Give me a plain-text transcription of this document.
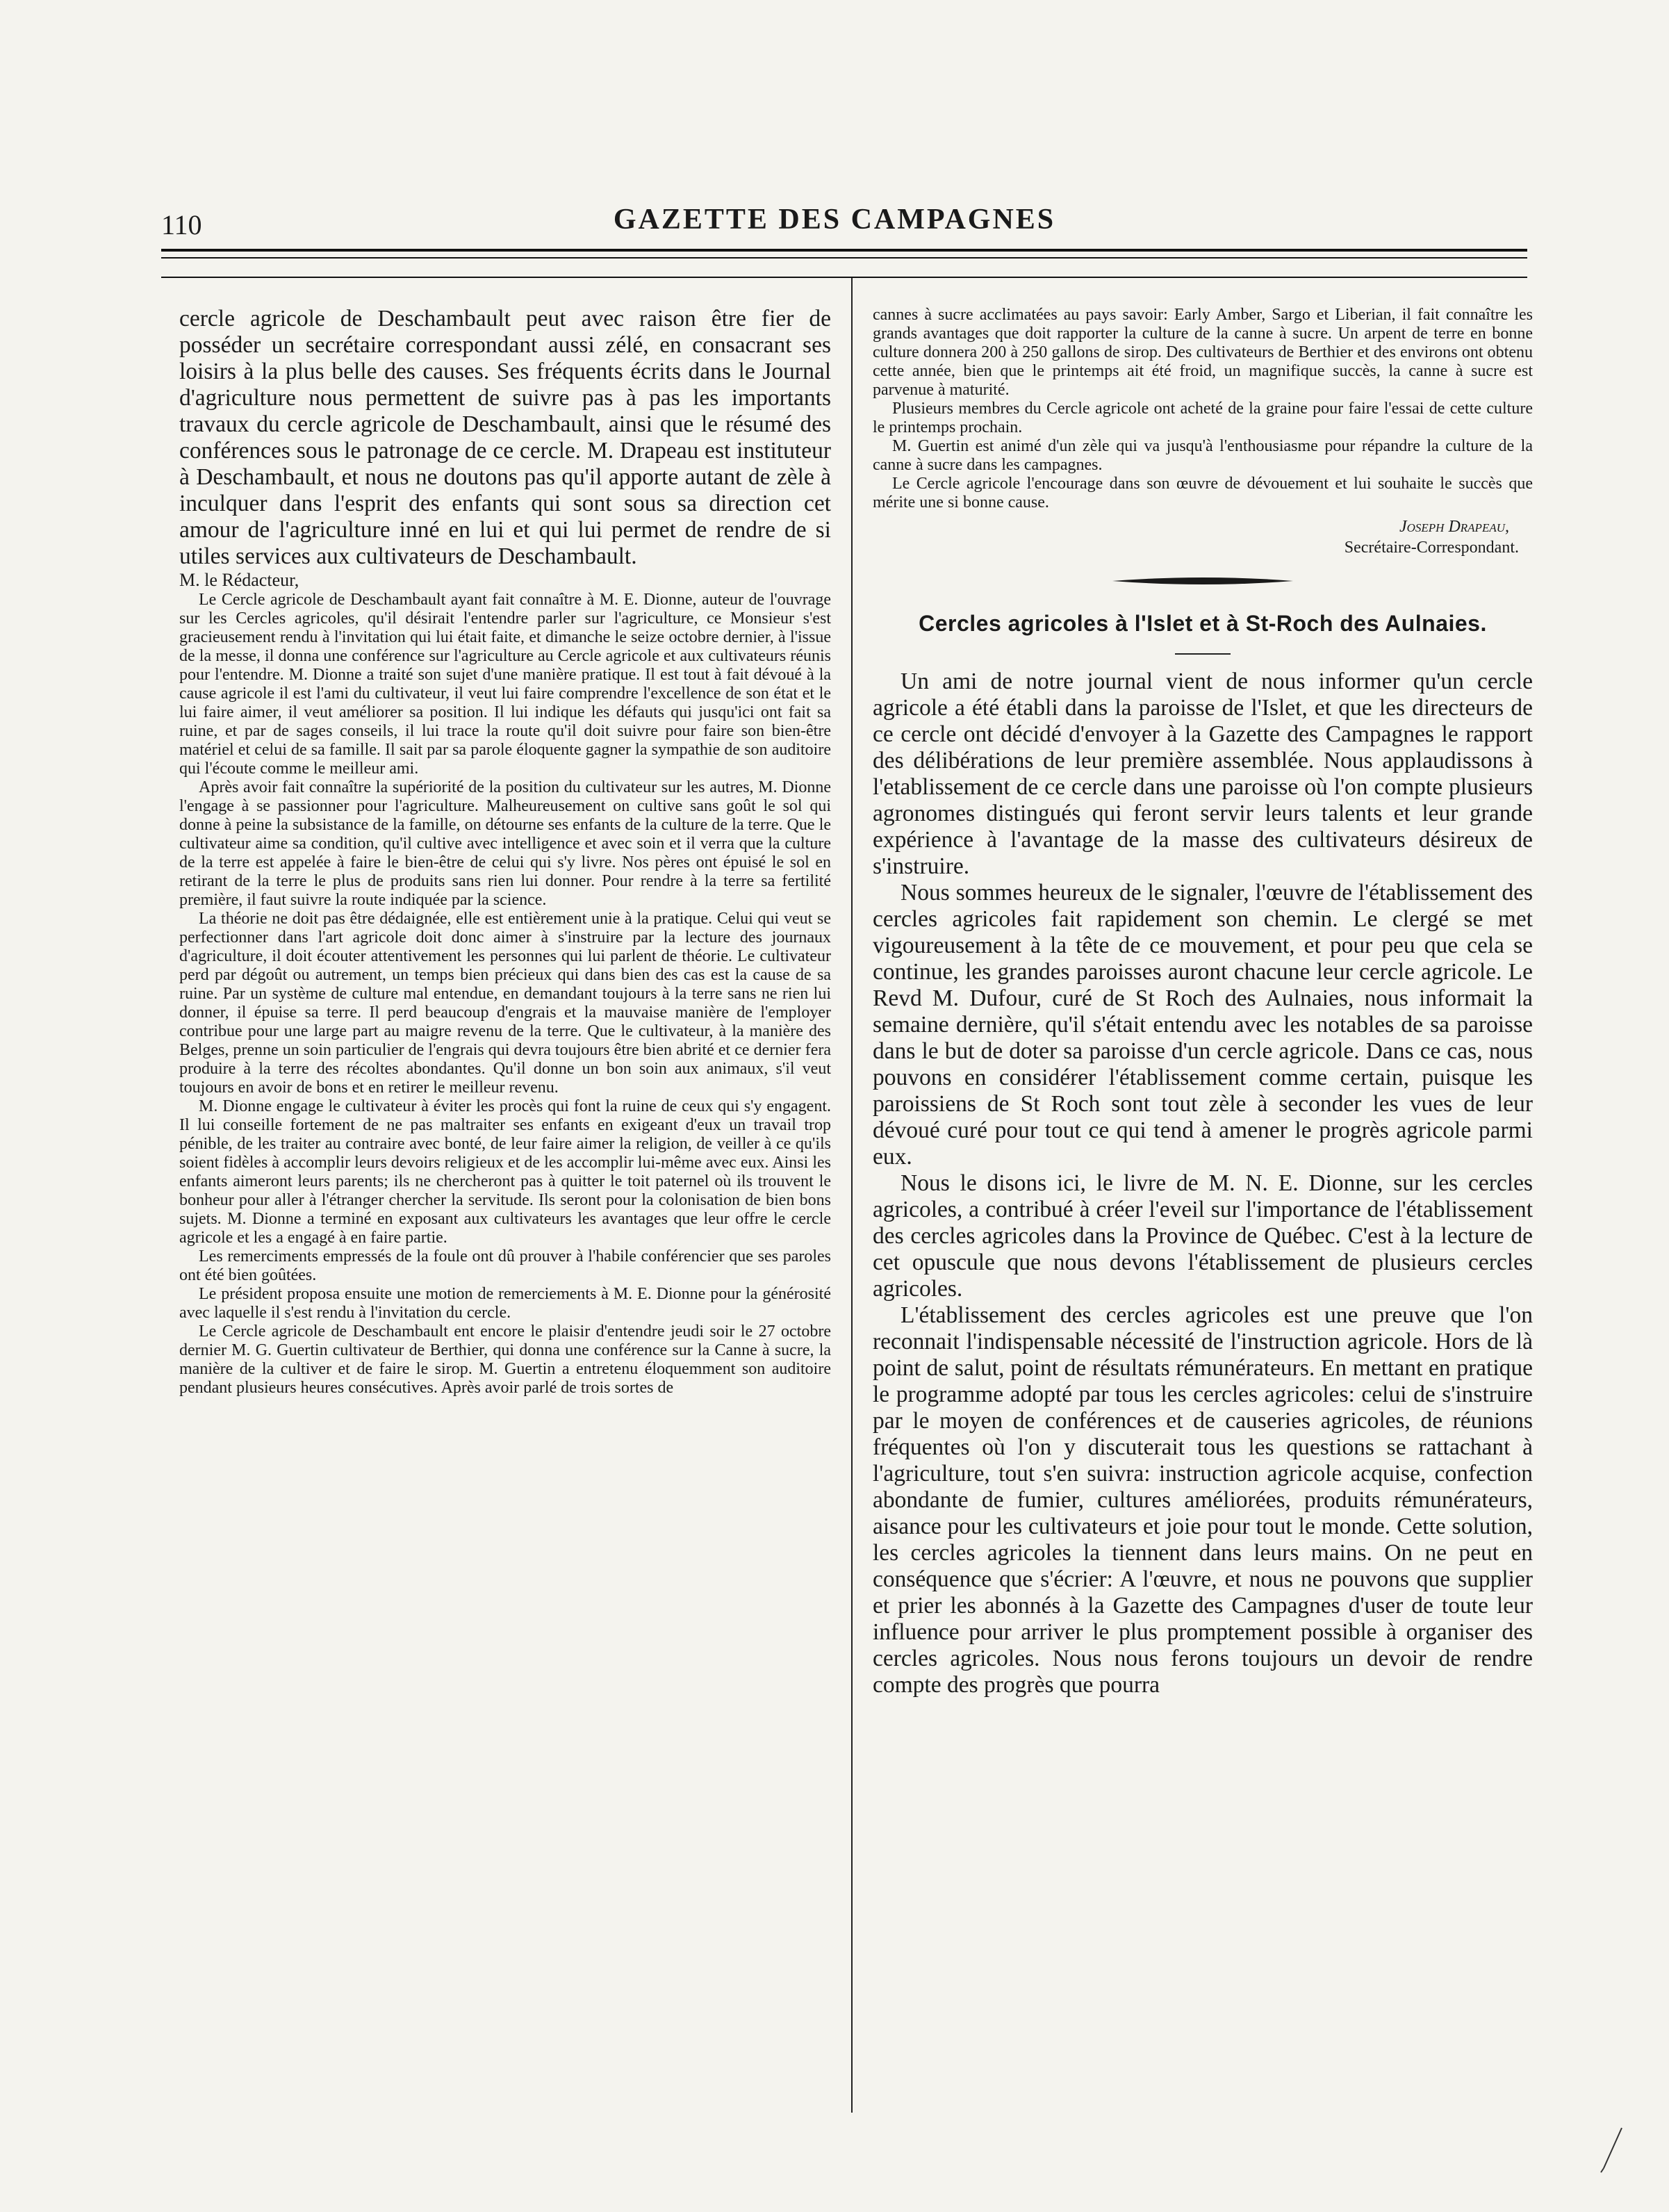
110	GAZETTE DES CAMPAGNES

cercle agricole de Deschambault peut avec raison être fier de posséder un secrétaire correspondant aussi zélé, en consacrant ses loisirs à la plus belle des causes. Ses fréquents écrits dans le Journal d'agriculture nous permettent de suivre pas à pas les importants travaux du cercle agricole de Deschambault, ainsi que le résumé des conférences sous le patronage de ce cercle. M. Drapeau est instituteur à Deschambault, et nous ne doutons pas qu'il apporte autant de zèle à inculquer dans l'esprit des enfants qui sont sous sa direction cet amour de l'agriculture inné en lui et qui lui permet de rendre de si utiles services aux cultivateurs de Deschambault.

M. le Rédacteur,

Le Cercle agricole de Deschambault ayant fait connaître à M. E. Dionne, auteur de l'ouvrage sur les Cercles agricoles, qu'il désirait l'entendre parler sur l'agriculture, ce Monsieur s'est gracieusement rendu à l'invitation qui lui était faite, et dimanche le seize octobre dernier, à l'issue de la messe, il donna une conférence sur l'agriculture au Cercle agricole et aux cultivateurs réunis pour l'entendre. M. Dionne a traité son sujet d'une manière pratique. Il est tout à fait dévoué à la cause agricole il est l'ami du cultivateur, il veut lui faire comprendre l'excellence de son état et le lui faire aimer, il veut améliorer sa position. Il lui indique les défauts qui jusqu'ici ont fait sa ruine, et par de sages conseils, il lui trace la route qu'il doit suivre pour faire son bien-être matériel et celui de sa famille. Il sait par sa parole éloquente gagner la sympathie de son auditoire qui l'écoute comme le meilleur ami.

Après avoir fait connaître la supériorité de la position du cultivateur sur les autres, M. Dionne l'engage à se passionner pour l'agriculture. Malheureusement on cultive sans goût le sol qui donne à peine la subsistance de la famille, on détourne ses enfants de la culture de la terre. Que le cultivateur aime sa condition, qu'il cultive avec intelligence et avec soin et il verra que la culture de la terre est appelée à faire le bien-être de celui qui s'y livre. Nos pères ont épuisé le sol en retirant de la terre le plus de produits sans rien lui donner. Pour rendre à la terre sa fertilité première, il faut suivre la route indiquée par la science.

La théorie ne doit pas être dédaignée, elle est entièrement unie à la pratique. Celui qui veut se perfectionner dans l'art agricole doit donc aimer à s'instruire par la lecture des journaux d'agriculture, il doit écouter attentivement les personnes qui lui parlent de théorie. Le cultivateur perd par dégoût ou autrement, un temps bien précieux qui dans bien des cas est la cause de sa ruine. Par un système de culture mal entendue, en demandant toujours à la terre sans ne rien lui donner, il épuise sa terre. Il perd beaucoup d'engrais et la mauvaise manière de l'employer contribue pour une large part au maigre revenu de la terre. Que le cultivateur, à la manière des Belges, prenne un soin particulier de l'engrais qui devra toujours être bien abrité et ce dernier fera produire à la terre des récoltes abondantes. Qu'il donne un bon soin aux animaux, s'il veut toujours en avoir de bons et en retirer le meilleur revenu.

M. Dionne engage le cultivateur à éviter les procès qui font la ruine de ceux qui s'y engagent. Il lui conseille fortement de ne pas maltraiter ses enfants en exigeant d'eux un travail trop pénible, de les traiter au contraire avec bonté, de leur faire aimer la religion, de veiller à ce qu'ils soient fidèles à accomplir leurs devoirs religieux et de les accomplir lui-même avec eux. Ainsi les enfants aimeront leurs parents; ils ne chercheront pas à quitter le toit paternel où ils trouvent le bonheur pour aller à l'étranger chercher la servitude. Ils seront pour la colonisation de bien bons sujets. M. Dionne a terminé en exposant aux cultivateurs les avantages que leur offre le cercle agricole et les a engagé à en faire partie.

Les remerciments empressés de la foule ont dû prouver à l'habile conférencier que ses paroles ont été bien goûtées.

Le président proposa ensuite une motion de remerciements à M. E. Dionne pour la générosité avec laquelle il s'est rendu à l'invitation du cercle.

Le Cercle agricole de Deschambault ent encore le plaisir d'entendre jeudi soir le 27 octobre dernier M. G. Guertin cultivateur de Berthier, qui donna une conférence sur la Canne à sucre, la manière de la cultiver et de faire le sirop. M. Guertin a entretenu éloquemment son auditoire pendant plusieurs heures consécutives. Après avoir parlé de trois sortes de

cannes à sucre acclimatées au pays savoir: Early Amber, Sargo et Liberian, il fait connaître les grands avantages que doit rapporter la culture de la canne à sucre. Un arpent de terre en bonne culture donnera 200 à 250 gallons de sirop. Des cultivateurs de Berthier et des environs ont obtenu cette année, bien que le printemps ait été froid, un magnifique succès, la canne à sucre est parvenue à maturité.

Plusieurs membres du Cercle agricole ont acheté de la graine pour faire l'essai de cette culture le printemps prochain.

M. Guertin est animé d'un zèle qui va jusqu'à l'enthousiasme pour répandre la culture de la canne à sucre dans les campagnes.

Le Cercle agricole l'encourage dans son œuvre de dévouement et lui souhaite le succès que mérite une si bonne cause.

Joseph Drapeau,
Secrétaire-Correspondant.
Cercles agricoles à l'Islet et à St-Roch des Aulnaies.

Un ami de notre journal vient de nous informer qu'un cercle agricole a été établi dans la paroisse de l'Islet, et que les directeurs de ce cercle ont décidé d'envoyer à la Gazette des Campagnes le rapport des délibérations de leur première assemblée. Nous applaudissons à l'etablissement de ce cercle dans une paroisse où l'on compte plusieurs agronomes distingués qui feront servir leurs talents et leur grande expérience à l'avantage de la masse des cultivateurs désireux de s'instruire.

Nous sommes heureux de le signaler, l'œuvre de l'établissement des cercles agricoles fait rapidement son chemin. Le clergé se met vigoureusement à la tête de ce mouvement, et pour peu que cela se continue, les grandes paroisses auront chacune leur cercle agricole. Le Revd M. Dufour, curé de St Roch des Aulnaies, nous informait la semaine dernière, qu'il s'était entendu avec les notables de sa paroisse dans le but de doter sa paroisse d'un cercle agricole. Dans ce cas, nous pouvons en considérer l'établissement comme certain, puisque les paroissiens de St Roch sont tout zèle à seconder les vues de leur dévoué curé pour tout ce qui tend à amener le progrès agricole parmi eux.

Nous le disons ici, le livre de M. N. E. Dionne, sur les cercles agricoles, a contribué à créer l'eveil sur l'importance de l'établissement des cercles agricoles dans la Province de Québec. C'est à la lecture de cet opuscule que nous devons l'établissement de plusieurs cercles agricoles.

L'établissement des cercles agricoles est une preuve que l'on reconnait l'indispensable nécessité de l'instruction agricole. Hors de là point de salut, point de résultats rémunérateurs. En mettant en pratique le programme adopté par tous les cercles agricoles: celui de s'instruire par le moyen de conférences et de causeries agricoles, de réunions fréquentes où l'on y discuterait tous les questions se rattachant à l'agriculture, tout s'en suivra: instruction agricole acquise, confection abondante de fumier, cultures améliorées, produits rémunérateurs, aisance pour les cultivateurs et joie pour tout le monde. Cette solution, les cercles agricoles la tiennent dans leurs mains. On ne peut en conséquence que s'écrier: A l'œuvre, et nous ne pouvons que supplier et prier les abonnés à la Gazette des Campagnes d'user de toute leur influence pour arriver le plus promptement possible à organiser des cercles agricoles. Nous nous ferons toujours un devoir de rendre compte des progrès que pourra
